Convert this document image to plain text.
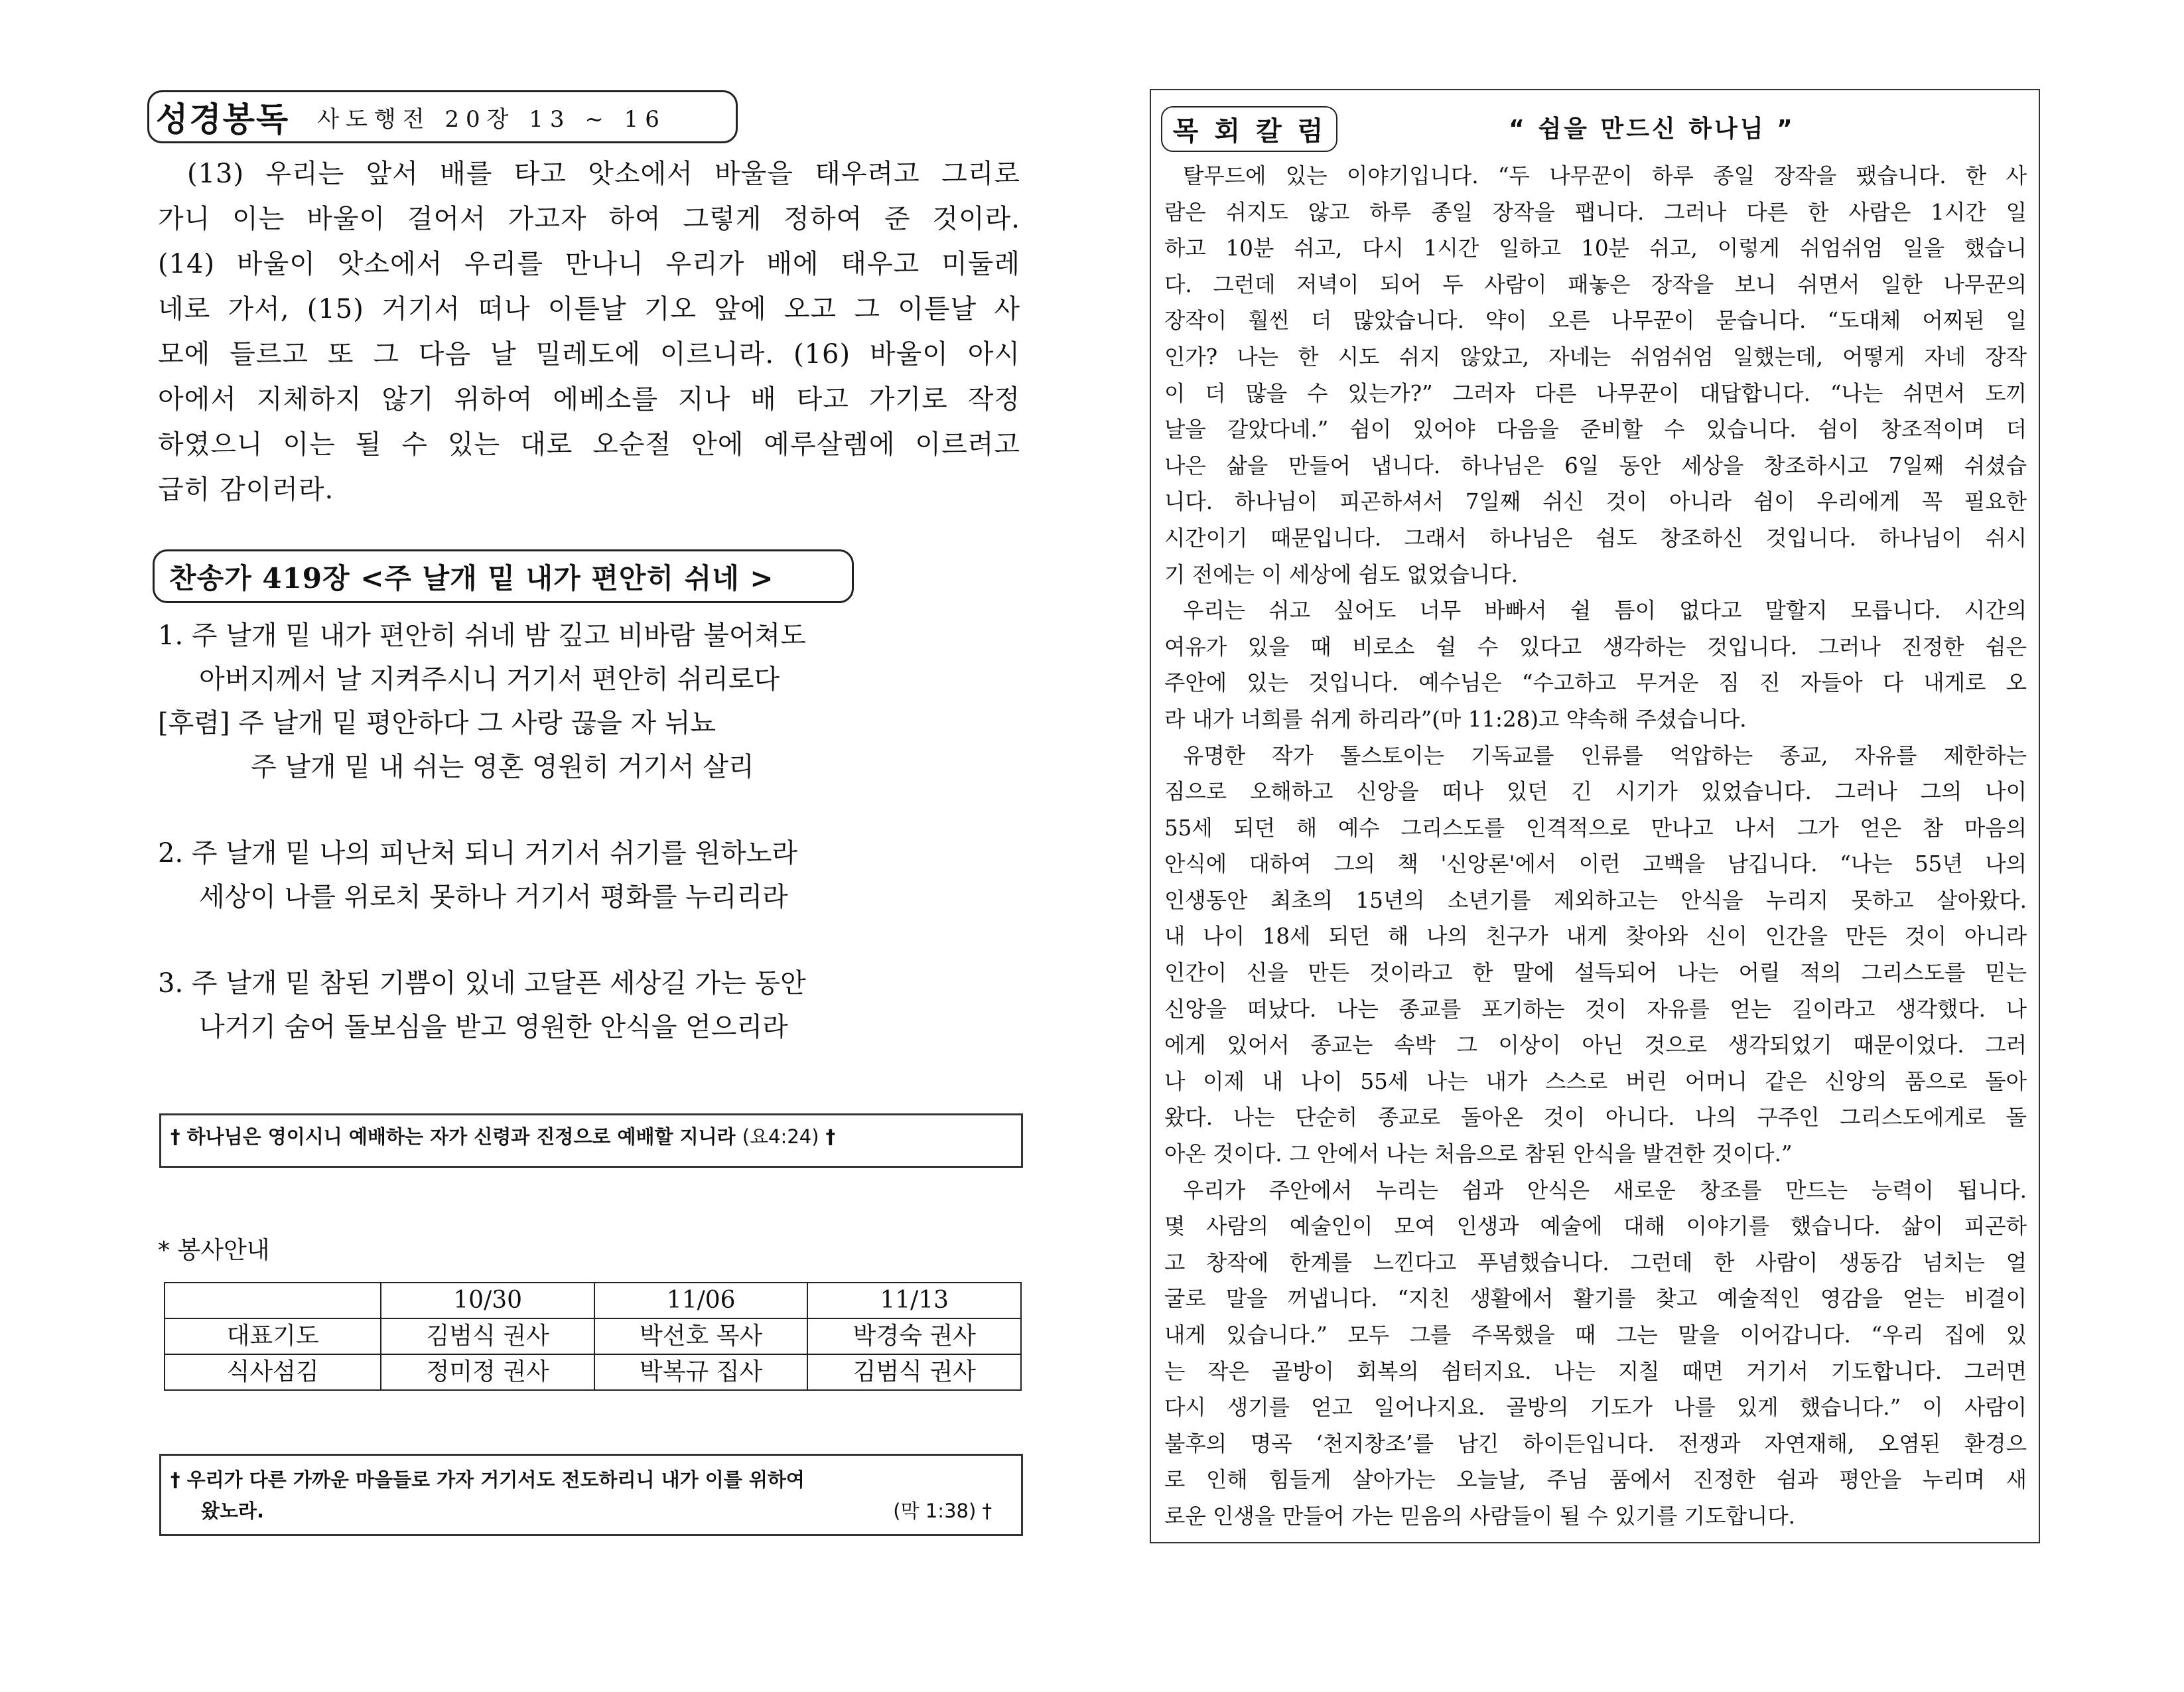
성경봉독 사도행전 20장 13 ~ 16
(13) 우리는 앞서 배를 타고 앗소에서 바울을 태우려고 그리로
가니 이는 바울이 걸어서 가고자 하여 그렇게 정하여 준 것이라.
(14) 바울이 앗소에서 우리를 만나니 우리가 배에 태우고 미둘레
네로 가서, (15) 거기서 떠나 이튿날 기오 앞에 오고 그 이튿날 사
모에 들르고 또 그 다음 날 밀레도에 이르니라. (16) 바울이 아시
아에서 지체하지 않기 위하여 에베소를 지나 배 타고 가기로 작정
하였으니 이는 될 수 있는 대로 오순절 안에 예루살렘에 이르려고
급히 감이러라.
찬송가 419장 <주 날개 밑 내가 편안히 쉬네 >
1. 주 날개 밑 내가 편안히 쉬네 밤 깊고 비바람 불어쳐도
아버지께서 날 지켜주시니 거기서 편안히 쉬리로다
[후렴] 주 날개 밑 평안하다 그 사랑 끊을 자 뉘뇨
주 날개 밑 내 쉬는 영혼 영원히 거기서 살리
2. 주 날개 밑 나의 피난처 되니 거기서 쉬기를 원하노라
세상이 나를 위로치 못하나 거기서 평화를 누리리라
3. 주 날개 밑 참된 기쁨이 있네 고달픈 세상길 가는 동안
나거기 숨어 돌보심을 받고 영원한 안식을 얻으리라
† 하나님은 영이시니 예배하는 자가 신령과 진정으로 예배할 지니라 (요4:24) †
* 봉사안내
	10/30	11/06	11/13
대표기도	김범식 권사	박선호 목사	박경숙 권사
식사섬김	정미정 권사	박복규 집사	김범식 권사
† 우리가 다른 가까운 마을들로 가자 거기서도 전도하리니 내가 이를 위하여
왔노라.	(막 1:38) †
목회칼럼	“ 쉼을 만드신 하나님 ”
탈무드에 있는 이야기입니다. “두 나무꾼이 하루 종일 장작을 팼습니다. 한 사
람은 쉬지도 않고 하루 종일 장작을 팹니다. 그러나 다른 한 사람은 1시간 일
하고 10분 쉬고, 다시 1시간 일하고 10분 쉬고, 이렇게 쉬엄쉬엄 일을 했습니
다. 그런데 저녁이 되어 두 사람이 패놓은 장작을 보니 쉬면서 일한 나무꾼의
장작이 훨씬 더 많았습니다. 약이 오른 나무꾼이 묻습니다. “도대체 어찌된 일
인가? 나는 한 시도 쉬지 않았고, 자네는 쉬엄쉬엄 일했는데, 어떻게 자네 장작
이 더 많을 수 있는가?” 그러자 다른 나무꾼이 대답합니다. “나는 쉬면서 도끼
날을 갈았다네.” 쉼이 있어야 다음을 준비할 수 있습니다. 쉼이 창조적이며 더
나은 삶을 만들어 냅니다. 하나님은 6일 동안 세상을 창조하시고 7일째 쉬셨습
니다. 하나님이 피곤하셔서 7일째 쉬신 것이 아니라 쉼이 우리에게 꼭 필요한
시간이기 때문입니다. 그래서 하나님은 쉼도 창조하신 것입니다. 하나님이 쉬시
기 전에는 이 세상에 쉼도 없었습니다.
우리는 쉬고 싶어도 너무 바빠서 쉴 틈이 없다고 말할지 모릅니다. 시간의
여유가 있을 때 비로소 쉴 수 있다고 생각하는 것입니다. 그러나 진정한 쉼은
주안에 있는 것입니다. 예수님은 “수고하고 무거운 짐 진 자들아 다 내게로 오
라 내가 너희를 쉬게 하리라”(마 11:28)고 약속해 주셨습니다.
유명한 작가 톨스토이는 기독교를 인류를 억압하는 종교, 자유를 제한하는
짐으로 오해하고 신앙을 떠나 있던 긴 시기가 있었습니다. 그러나 그의 나이
55세 되던 해 예수 그리스도를 인격적으로 만나고 나서 그가 얻은 참 마음의
안식에 대하여 그의 책 '신앙론'에서 이런 고백을 남깁니다. “나는 55년 나의
인생동안 최초의 15년의 소년기를 제외하고는 안식을 누리지 못하고 살아왔다.
내 나이 18세 되던 해 나의 친구가 내게 찾아와 신이 인간을 만든 것이 아니라
인간이 신을 만든 것이라고 한 말에 설득되어 나는 어릴 적의 그리스도를 믿는
신앙을 떠났다. 나는 종교를 포기하는 것이 자유를 얻는 길이라고 생각했다. 나
에게 있어서 종교는 속박 그 이상이 아닌 것으로 생각되었기 때문이었다. 그러
나 이제 내 나이 55세 나는 내가 스스로 버린 어머니 같은 신앙의 품으로 돌아
왔다. 나는 단순히 종교로 돌아온 것이 아니다. 나의 구주인 그리스도에게로 돌
아온 것이다. 그 안에서 나는 처음으로 참된 안식을 발견한 것이다.”
우리가 주안에서 누리는 쉼과 안식은 새로운 창조를 만드는 능력이 됩니다.
몇 사람의 예술인이 모여 인생과 예술에 대해 이야기를 했습니다. 삶이 피곤하
고 창작에 한계를 느낀다고 푸념했습니다. 그런데 한 사람이 생동감 넘치는 얼
굴로 말을 꺼냅니다. “지친 생활에서 활기를 찾고 예술적인 영감을 얻는 비결이
내게 있습니다.” 모두 그를 주목했을 때 그는 말을 이어갑니다. “우리 집에 있
는 작은 골방이 회복의 쉼터지요. 나는 지칠 때면 거기서 기도합니다. 그러면
다시 생기를 얻고 일어나지요. 골방의 기도가 나를 있게 했습니다.” 이 사람이
불후의 명곡 ‘천지창조’를 남긴 하이든입니다. 전쟁과 자연재해, 오염된 환경으
로 인해 힘들게 살아가는 오늘날, 주님 품에서 진정한 쉼과 평안을 누리며 새
로운 인생을 만들어 가는 믿음의 사람들이 될 수 있기를 기도합니다.
